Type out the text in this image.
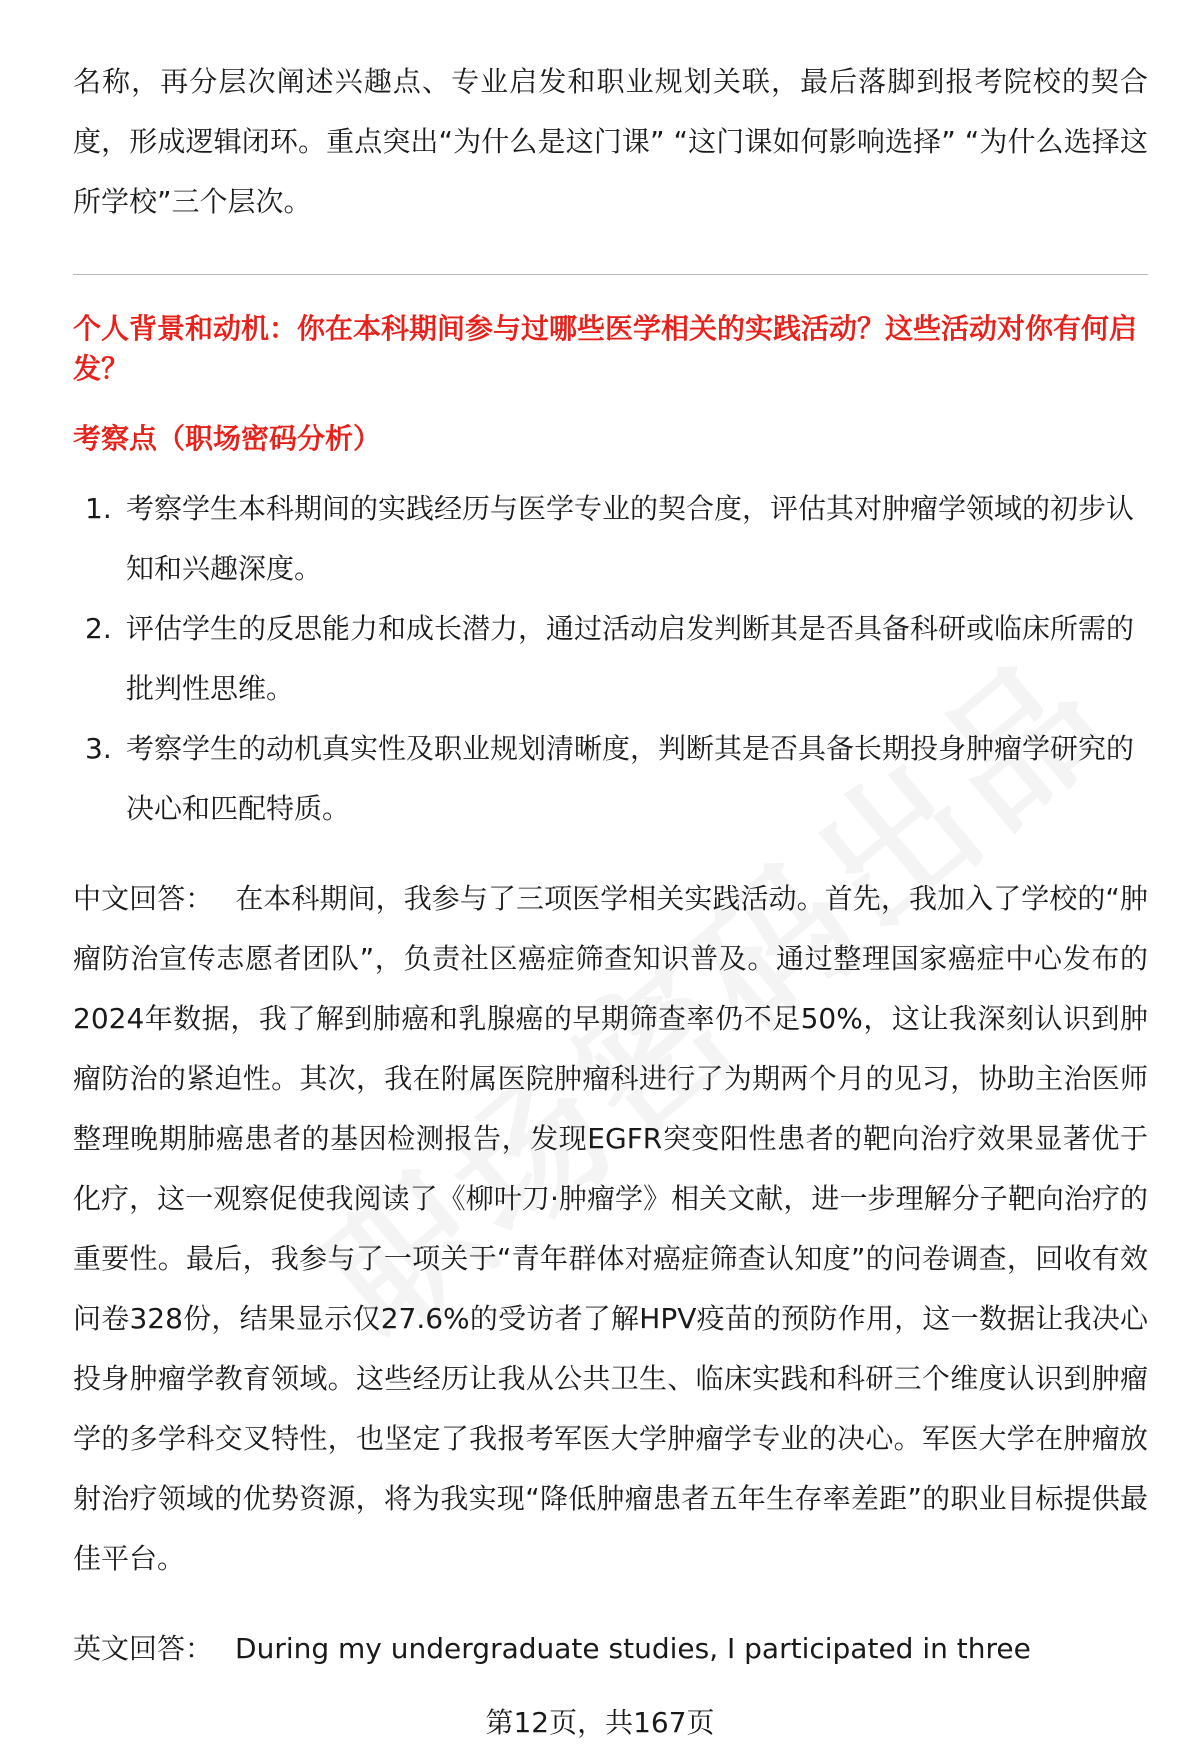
名称，再分层次阐述兴趣点、专业启发和职业规划关联，最后落脚到报考院校的契合度，形成逻辑闭环。重点突出“为什么是这门课” “这门课如何影响选择” “为什么选择这所学校”三个层次。

个人背景和动机：你在本科期间参与过哪些医学相关的实践活动？这些活动对你有何启发？
考察点（职场密码分析）
1. 考察学生本科期间的实践经历与医学专业的契合度，评估其对肿瘤学领域的初步认知和兴趣深度。
2. 评估学生的反思能力和成长潜力，通过活动启发判断其是否具备科研或临床所需的批判性思维。
3. 考察学生的动机真实性及职业规划清晰度，判断其是否具备长期投身肿瘤学研究的决心和匹配特质。

中文回答： 在本科期间，我参与了三项医学相关实践活动。首先，我加入了学校的“肿瘤防治宣传志愿者团队”，负责社区癌症筛查知识普及。通过整理国家癌症中心发布的2024年数据，我了解到肺癌和乳腺癌的早期筛查率仍不足50%，这让我深刻认识到肿瘤防治的紧迫性。其次，我在附属医院肿瘤科进行了为期两个月的见习，协助主治医师整理晚期肺癌患者的基因检测报告，发现EGFR突变阳性患者的靶向治疗效果显著优于化疗，这一观察促使我阅读了《柳叶刀·肿瘤学》相关文献，进一步理解分子靶向治疗的重要性。最后，我参与了一项关于“青年群体对癌症筛查认知度”的问卷调查，回收有效问卷328份，结果显示仅27.6%的受访者了解HPV疫苗的预防作用，这一数据让我决心投身肿瘤学教育领域。这些经历让我从公共卫生、临床实践和科研三个维度认识到肿瘤学的多学科交叉特性，也坚定了我报考军医大学肿瘤学专业的决心。军医大学在肿瘤放射治疗领域的优势资源，将为我实现“降低肿瘤患者五年生存率差距”的职业目标提供最佳平台。

英文回答： During my undergraduate studies, I participated in three

第12页，共167页
